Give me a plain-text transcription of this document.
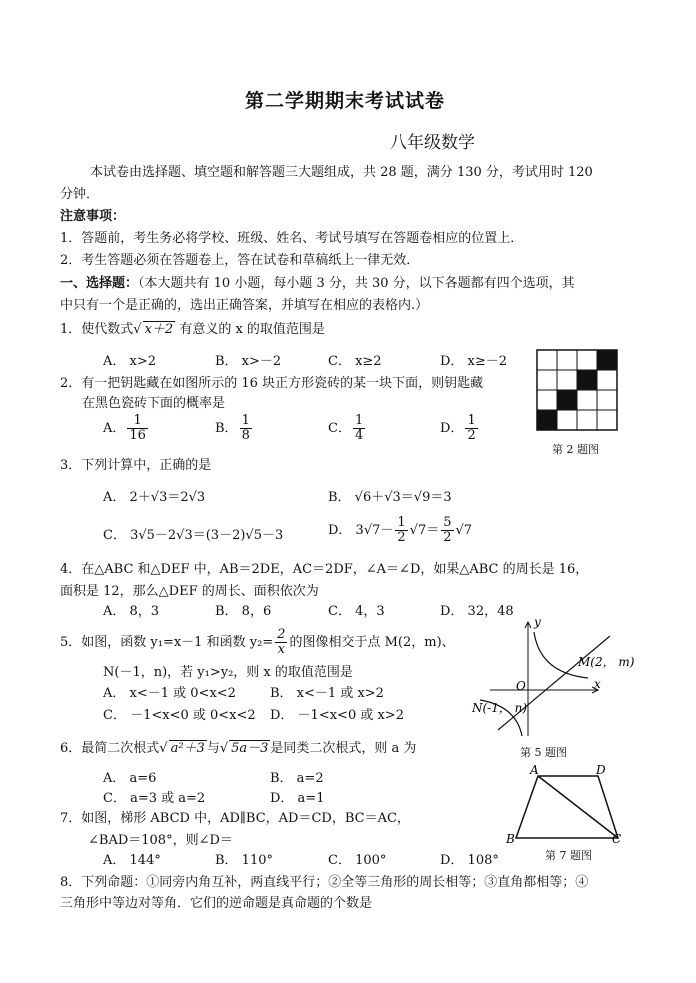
第二学期期末考试试卷
八年级数学
本试卷由选择题、填空题和解答题三大题组成，共 28 题，满分 130 分，考试用时 120
分钟．
注意事项：
1．答题前，考生务必将学校、班级、姓名、考试号填写在答题卷相应的位置上．
2．考生答题必须在答题卷上，答在试卷和草稿纸上一律无效．
一、选择题：（本大题共有 10 小题，每小题 3 分，共 30 分，以下各题都有四个选项，其
中只有一个是正确的，选出正确答案，并填写在相应的表格内.）
1．使代数式√ x＋2 有意义的 x 的取值范围是
A． x>2	B． x>－2	C． x≥2	D． x≥－2
2．有一把钥匙藏在如图所示的 16 块正方形瓷砖的某一块下面，则钥匙藏
在黑色瓷砖下面的概率是
A． $\frac{1}{16}$	B． $\frac{1}{8}$	C． $\frac{1}{4}$	D． $\frac{1}{2}$
第 2 题图
3．下列计算中，正确的是
A． 2＋√3＝2√3	B． √6＋√3＝√9＝3
C． 3√5－2√3＝(3－2)√5－3	D． $3√7- \frac{1}{2} √7= \frac{5}{2} √7$
4．在△ABC 和△DEF 中，AB＝2DE，AC＝2DF，∠A＝∠D，如果△ABC 的周长是 16，
面积是 12，那么△DEF 的周长、面积依次为
A． 8，3	B． 8，6	C． 4，3	D． 32，48
5．如图，函数 y₁=x－1 和函数 $y_2= \frac{2}{x}$ 的图像相交于点 M(2，m)、
N(－1，n)，若 y₁>y₂，则 x 的取值范围是
A． x<－1 或 0<x<2	B． x<－1 或 x>2
C． －1<x<0 或 0<x<2 D． －1<x<0 或 x>2
y
x
O
M(2， m)
N(-1， n)
第 5 题图
6．最简二次根式√ a²＋3 与√ 5a－3 是同类二次根式，则 a 为
A． a=6	B． a=2
C． a=3 或 a=2	D． a=1
7．如图，梯形 ABCD 中，AD∥BC，AD＝CD，BC＝AC，
∠BAD＝108°，则∠D＝
A． 144°	B． 110°	C． 100°	D． 108°
A	D
B	C
第 7 题图
8．下列命题：①同旁内角互补，两直线平行；②全等三角形的周长相等；③直角都相等；④
三角形中等边对等角．它们的逆命题是真命题的个数是
